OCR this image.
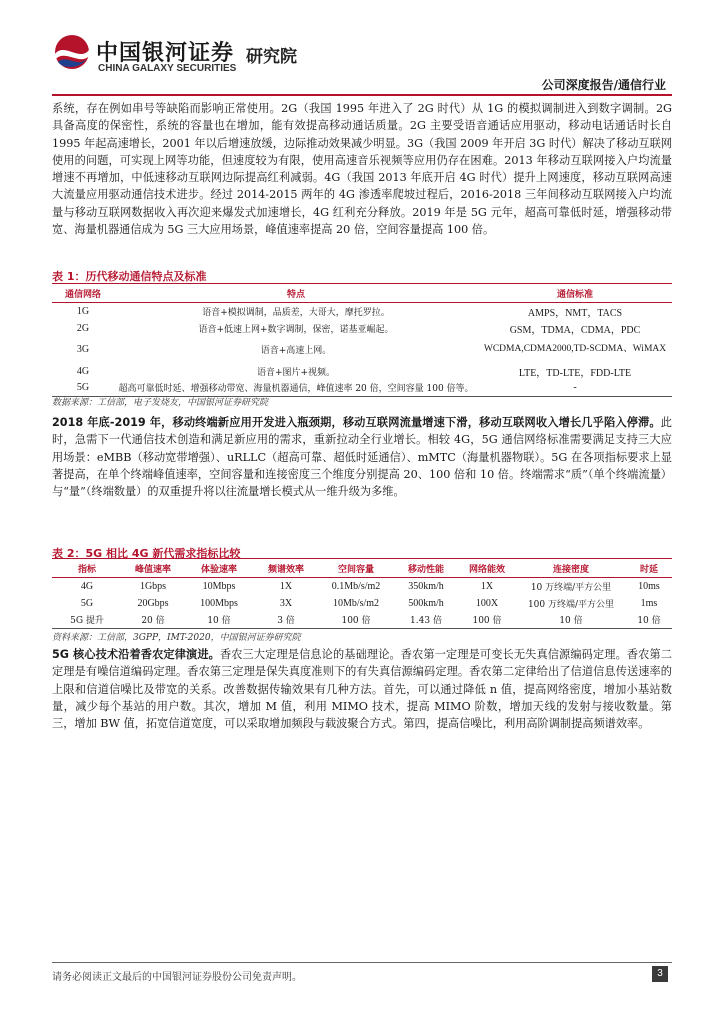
中国银河证券
CHINA GALAXY SECURITIES
研究院
公司深度报告/通信行业
系统，存在例如串号等缺陷而影响正常使用。2G（我国 1995 年进入了 2G 时代）从 1G 的模拟调制进入到数字调制。2G 具备高度的保密性，系统的容量也在增加，能有效提高移动通话质量。2G 主要受语音通话应用驱动，移动电话通话时长自 1995 年起高速增长，2001 年以后增速放缓，边际推动效果减少明显。3G（我国 2009 年开启 3G 时代）解决了移动互联网使用的问题，可实现上网等功能，但速度较为有限，使用高速音乐视频等应用仍存在困难。2013 年移动互联网接入户均流量增速不再增加，中低速移动互联网边际提高红利减弱。4G（我国 2013 年底开启 4G 时代）提升上网速度，移动互联网高速大流量应用驱动通信技术进步。经过 2014-2015 两年的 4G 渗透率爬坡过程后，2016-2018 三年间移动互联网接入户均流量与移动互联网数据收入再次迎来爆发式加速增长，4G 红利充分释放。2019 年是 5G 元年，超高可靠低时延，增强移动带宽、海量机器通信成为 5G 三大应用场景，峰值速率提高 20 倍，空间容量提高 100 倍。
表 1：历代移动通信特点及标准
通信网络	特点	通信标准
1G	语音+模拟调制，品质差，大哥大，摩托罗拉。	AMPS，NMT，TACS
2G	语音+低速上网+数字调制，保密，诺基亚崛起。	GSM，TDMA，CDMA，PDC
3G	语音+高速上网。	WCDMA,CDMA2000,TD-SCDMA、WiMAX
4G	语音+图片+视频。	LTE，TD-LTE，FDD-LTE
5G	超高可靠低时延、增强移动带宽、海量机器通信，峰值速率 20 倍，空间容量 100 倍等。	-
数据来源：工信部，电子发烧友，中国银河证券研究院
2018 年底-2019 年，移动终端新应用开发进入瓶颈期，移动互联网流量增速下滑，移动互联网收入增长几乎陷入停滞。此时，急需下一代通信技术创造和满足新应用的需求，重新拉动全行业增长。相较 4G，5G 通信网络标准需要满足支持三大应用场景：eMBB（移动宽带增强）、uRLLC（超高可靠、超低时延通信）、mMTC（海量机器物联）。5G 在各项指标要求上显著提高，在单个终端峰值速率，空间容量和连接密度三个维度分别提高 20、100 倍和 10 倍。终端需求“质”（单个终端流量）与“量”（终端数量）的双重提升将以往流量增长模式从一维升级为多维。
表 2：5G 相比 4G 新代需求指标比较
指标	峰值速率	体验速率	频谱效率	空间容量	移动性能	网络能效	连接密度	时延
4G	1Gbps	10Mbps	1X	0.1Mb/s/m2	350km/h	1X	10 万终端/平方公里	10ms
5G	20Gbps	100Mbps	3X	10Mb/s/m2	500km/h	100X	100 万终端/平方公里	1ms
5G 提升	20 倍	10 倍	3 倍	100 倍	1.43 倍	100 倍	10 倍	10 倍
资料来源：工信部，3GPP，IMT-2020，中国银河证券研究院
5G 核心技术沿着香农定律演进。香农三大定理是信息论的基础理论。香农第一定理是可变长无失真信源编码定理。香农第二定理是有噪信道编码定理。香农第三定理是保失真度准则下的有失真信源编码定理。香农第二定律给出了信道信息传送速率的上限和信道信噪比及带宽的关系。改善数据传输效果有几种方法。首先，可以通过降低 n 值，提高网络密度，增加小基站数量，减少每个基站的用户数。其次，增加 M 值，利用 MIMO 技术，提高 MIMO 阶数，增加天线的发射与接收数量。第三，增加 BW 值，拓宽信道宽度，可以采取增加频段与载波聚合方式。第四，提高信噪比，利用高阶调制提高频谱效率。
请务必阅读正文最后的中国银河证券股份公司免责声明。	3
